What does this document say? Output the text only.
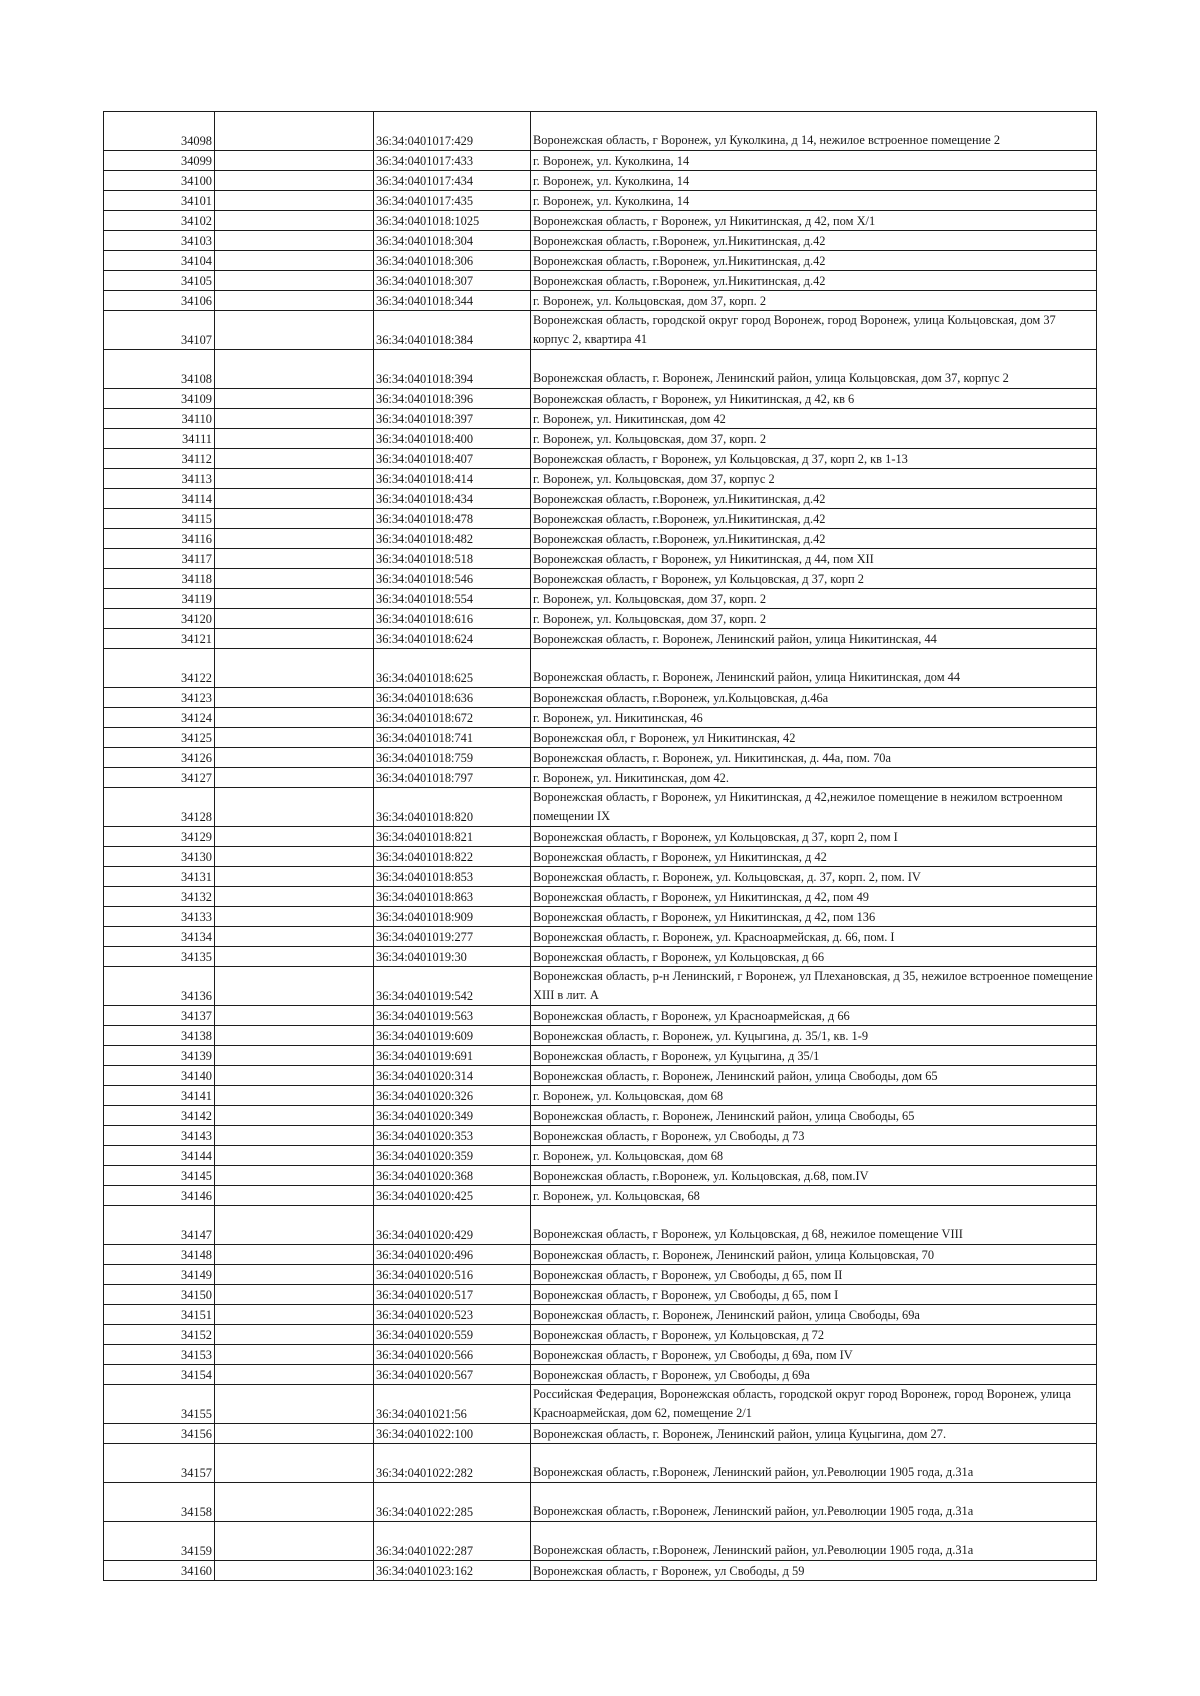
34098		36:34:0401017:429	Воронежская область, г Воронеж, ул Куколкина, д 14, нежилое встроенное помещение 2
34099		36:34:0401017:433	г. Воронеж, ул. Куколкина, 14
34100		36:34:0401017:434	г. Воронеж, ул. Куколкина, 14
34101		36:34:0401017:435	г. Воронеж, ул. Куколкина, 14
34102		36:34:0401018:1025	Воронежская область, г Воронеж, ул Никитинская, д 42, пом X/1
34103		36:34:0401018:304	Воронежская область, г.Воронеж, ул.Никитинская, д.42
34104		36:34:0401018:306	Воронежская область, г.Воронеж, ул.Никитинская, д.42
34105		36:34:0401018:307	Воронежская область, г.Воронеж, ул.Никитинская, д.42
34106		36:34:0401018:344	г. Воронеж, ул. Кольцовская, дом 37, корп. 2
34107		36:34:0401018:384	Воронежская область, городской округ город Воронеж, город Воронеж, улица Кольцовская, дом 37 корпус 2, квартира 41
34108		36:34:0401018:394	Воронежская область, г. Воронеж, Ленинский район, улица Кольцовская, дом 37, корпус 2
34109		36:34:0401018:396	Воронежская область, г Воронеж, ул Никитинская, д 42, кв 6
34110		36:34:0401018:397	г. Воронеж, ул. Никитинская, дом 42
34111		36:34:0401018:400	г. Воронеж, ул. Кольцовская, дом 37, корп. 2
34112		36:34:0401018:407	Воронежская область, г Воронеж, ул Кольцовская, д 37, корп 2, кв 1-13
34113		36:34:0401018:414	г. Воронеж, ул. Кольцовская, дом 37, корпус 2
34114		36:34:0401018:434	Воронежская область, г.Воронеж, ул.Никитинская, д.42
34115		36:34:0401018:478	Воронежская область, г.Воронеж, ул.Никитинская, д.42
34116		36:34:0401018:482	Воронежская область, г.Воронеж, ул.Никитинская, д.42
34117		36:34:0401018:518	Воронежская область, г Воронеж, ул Никитинская, д 44, пом XII
34118		36:34:0401018:546	Воронежская область, г Воронеж, ул Кольцовская, д 37, корп 2
34119		36:34:0401018:554	г. Воронеж, ул. Кольцовская, дом 37, корп. 2
34120		36:34:0401018:616	г. Воронеж, ул. Кольцовская, дом 37, корп. 2
34121		36:34:0401018:624	Воронежская область, г. Воронеж, Ленинский район, улица Никитинская, 44
34122		36:34:0401018:625	Воронежская область, г. Воронеж, Ленинский район, улица Никитинская, дом 44
34123		36:34:0401018:636	Воронежская область, г.Воронеж, ул.Кольцовская, д.46а
34124		36:34:0401018:672	г. Воронеж, ул. Никитинская, 46
34125		36:34:0401018:741	Воронежская обл, г Воронеж, ул Никитинская, 42
34126		36:34:0401018:759	Воронежская область, г. Воронеж, ул. Никитинская, д. 44а, пом. 70а
34127		36:34:0401018:797	г. Воронеж, ул. Никитинская, дом 42.
34128		36:34:0401018:820	Воронежская область, г Воронеж, ул Никитинская, д 42,нежилое помещение в нежилом встроенном помещении IX
34129		36:34:0401018:821	Воронежская область, г Воронеж, ул Кольцовская, д 37, корп 2, пом I
34130		36:34:0401018:822	Воронежская область, г Воронеж, ул Никитинская, д 42
34131		36:34:0401018:853	Воронежская область, г. Воронеж, ул. Кольцовская, д. 37, корп. 2, пом. IV
34132		36:34:0401018:863	Воронежская область, г Воронеж, ул Никитинская, д 42, пом 49
34133		36:34:0401018:909	Воронежская область, г Воронеж, ул Никитинская, д 42, пом 136
34134		36:34:0401019:277	Воронежская область, г. Воронеж, ул. Красноармейская, д. 66, пом. I
34135		36:34:0401019:30	Воронежская область, г Воронеж, ул Кольцовская, д 66
34136		36:34:0401019:542	Воронежская область, р-н Ленинский, г Воронеж, ул Плехановская, д 35, нежилое встроенное помещение XIII в лит. А
34137		36:34:0401019:563	Воронежская область, г Воронеж, ул Красноармейская, д 66
34138		36:34:0401019:609	Воронежская область, г. Воронеж, ул. Куцыгина, д. 35/1, кв. 1-9
34139		36:34:0401019:691	Воронежская область, г Воронеж, ул Куцыгина, д 35/1
34140		36:34:0401020:314	Воронежская область, г. Воронеж, Ленинский район, улица Свободы, дом 65
34141		36:34:0401020:326	г. Воронеж, ул. Кольцовская, дом 68
34142		36:34:0401020:349	Воронежская область, г. Воронеж, Ленинский район, улица Свободы, 65
34143		36:34:0401020:353	Воронежская область, г Воронеж, ул Свободы, д 73
34144		36:34:0401020:359	г. Воронеж, ул. Кольцовская, дом 68
34145		36:34:0401020:368	Воронежская область, г.Воронеж, ул. Кольцовская, д.68, пом.IV
34146		36:34:0401020:425	г. Воронеж, ул. Кольцовская, 68
34147		36:34:0401020:429	Воронежская область, г Воронеж, ул Кольцовская, д 68, нежилое помещение VIII
34148		36:34:0401020:496	Воронежская область, г. Воронеж, Ленинский район, улица Кольцовская, 70
34149		36:34:0401020:516	Воронежская область, г Воронеж, ул Свободы, д 65, пом II
34150		36:34:0401020:517	Воронежская область, г Воронеж, ул Свободы, д 65, пом I
34151		36:34:0401020:523	Воронежская область, г. Воронеж, Ленинский район, улица Свободы, 69а
34152		36:34:0401020:559	Воронежская область, г Воронеж, ул Кольцовская, д 72
34153		36:34:0401020:566	Воронежская область, г Воронеж, ул Свободы, д 69а, пом IV
34154		36:34:0401020:567	Воронежская область, г Воронеж, ул Свободы, д 69а
34155		36:34:0401021:56	Российская Федерация, Воронежская область, городской округ город Воронеж, город Воронеж, улица Красноармейская, дом 62, помещение 2/1
34156		36:34:0401022:100	Воронежская область, г. Воронеж, Ленинский район, улица Куцыгина, дом 27.
34157		36:34:0401022:282	Воронежская область, г.Воронеж, Ленинский район, ул.Революции 1905 года, д.31а
34158		36:34:0401022:285	Воронежская область, г.Воронеж, Ленинский район, ул.Революции 1905 года, д.31а
34159		36:34:0401022:287	Воронежская область, г.Воронеж, Ленинский район, ул.Революции 1905 года, д.31а
34160		36:34:0401023:162	Воронежская область, г Воронеж, ул Свободы, д 59
